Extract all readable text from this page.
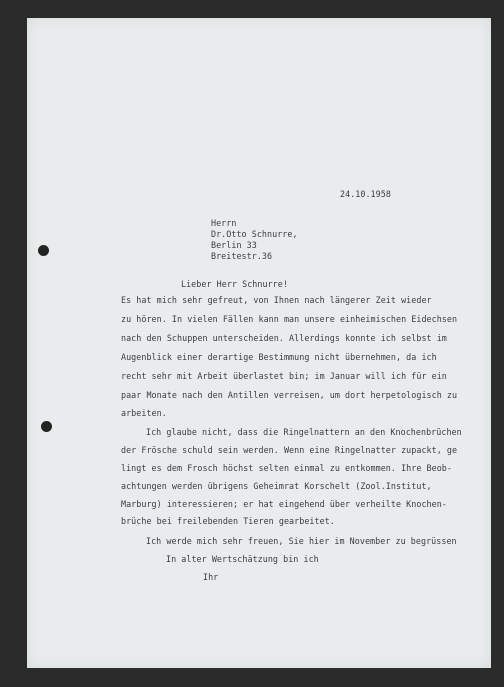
24.10.1958
Herrn
Dr.Otto Schnurre,
Berlin 33
Breitestr.36
Lieber Herr Schnurre!
Es hat mich sehr gefreut, von Ihnen nach längerer Zeit wieder
zu hören. In vielen Fällen kann man unsere einheimischen Eidechsen
nach den Schuppen unterscheiden. Allerdings konnte ich selbst im
Augenblick einer derartige Bestimmung nicht übernehmen, da ich
recht sehr mit Arbeit überlastet bin; im Januar will ich für ein
paar Monate nach den Antillen verreisen, um dort herpetologisch zu
arbeiten.
Ich glaube nicht, dass die Ringelnattern an den Knochenbrüchen
der Frösche schuld sein werden. Wenn eine Ringelnatter zupackt, ge
lingt es dem Frosch höchst selten einmal zu entkommen. Ihre Beob-
achtungen werden übrigens Geheimrat Korschelt (Zool.Institut,
Marburg) interessieren; er hat eingehend über verheilte Knochen-
brüche bei freilebenden Tieren gearbeitet.
Ich werde mich sehr freuen, Sie hier im November zu begrüssen
In alter Wertschätzung bin ich
Ihr
